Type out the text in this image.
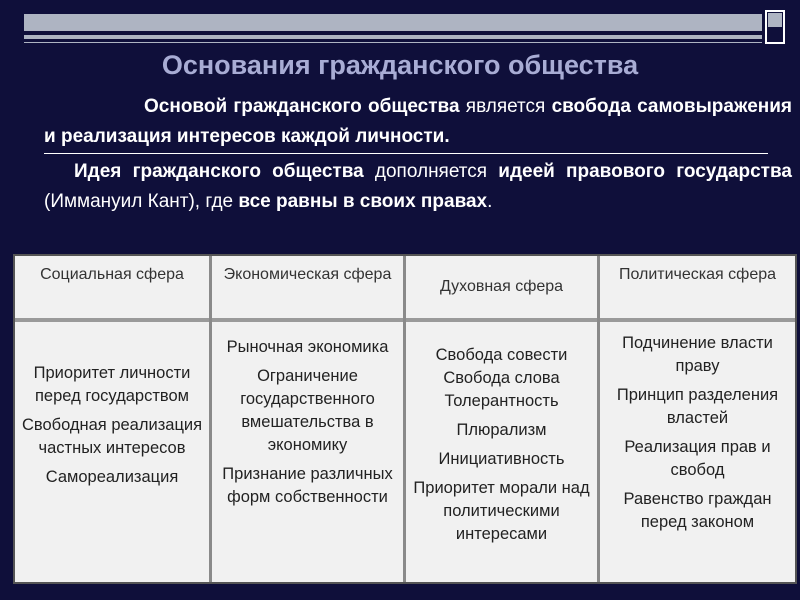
Основания гражданского общества
Основой гражданского общества является свобода самовыражения и реализация интересов каждой личности.
Идея гражданского общества дополняется идеей правового государства (Иммануил Кант), где все равны в своих правах.
Социальная сфера
Приоритет личности перед государством
Свободная реализация частных интересов
Самореализация
Экономическая сфера
Рыночная экономика
Ограничение государственного вмешательства в экономику
Признание различных форм собственности
Духовная сфера
Свобода совести
Свобода слова
Толерантность
Плюрализм
Инициативность
Приоритет морали над политическими интересами
Политическая сфера
Подчинение власти праву
Принцип разделения властей
Реализация прав и свобод
Равенство граждан перед законом
